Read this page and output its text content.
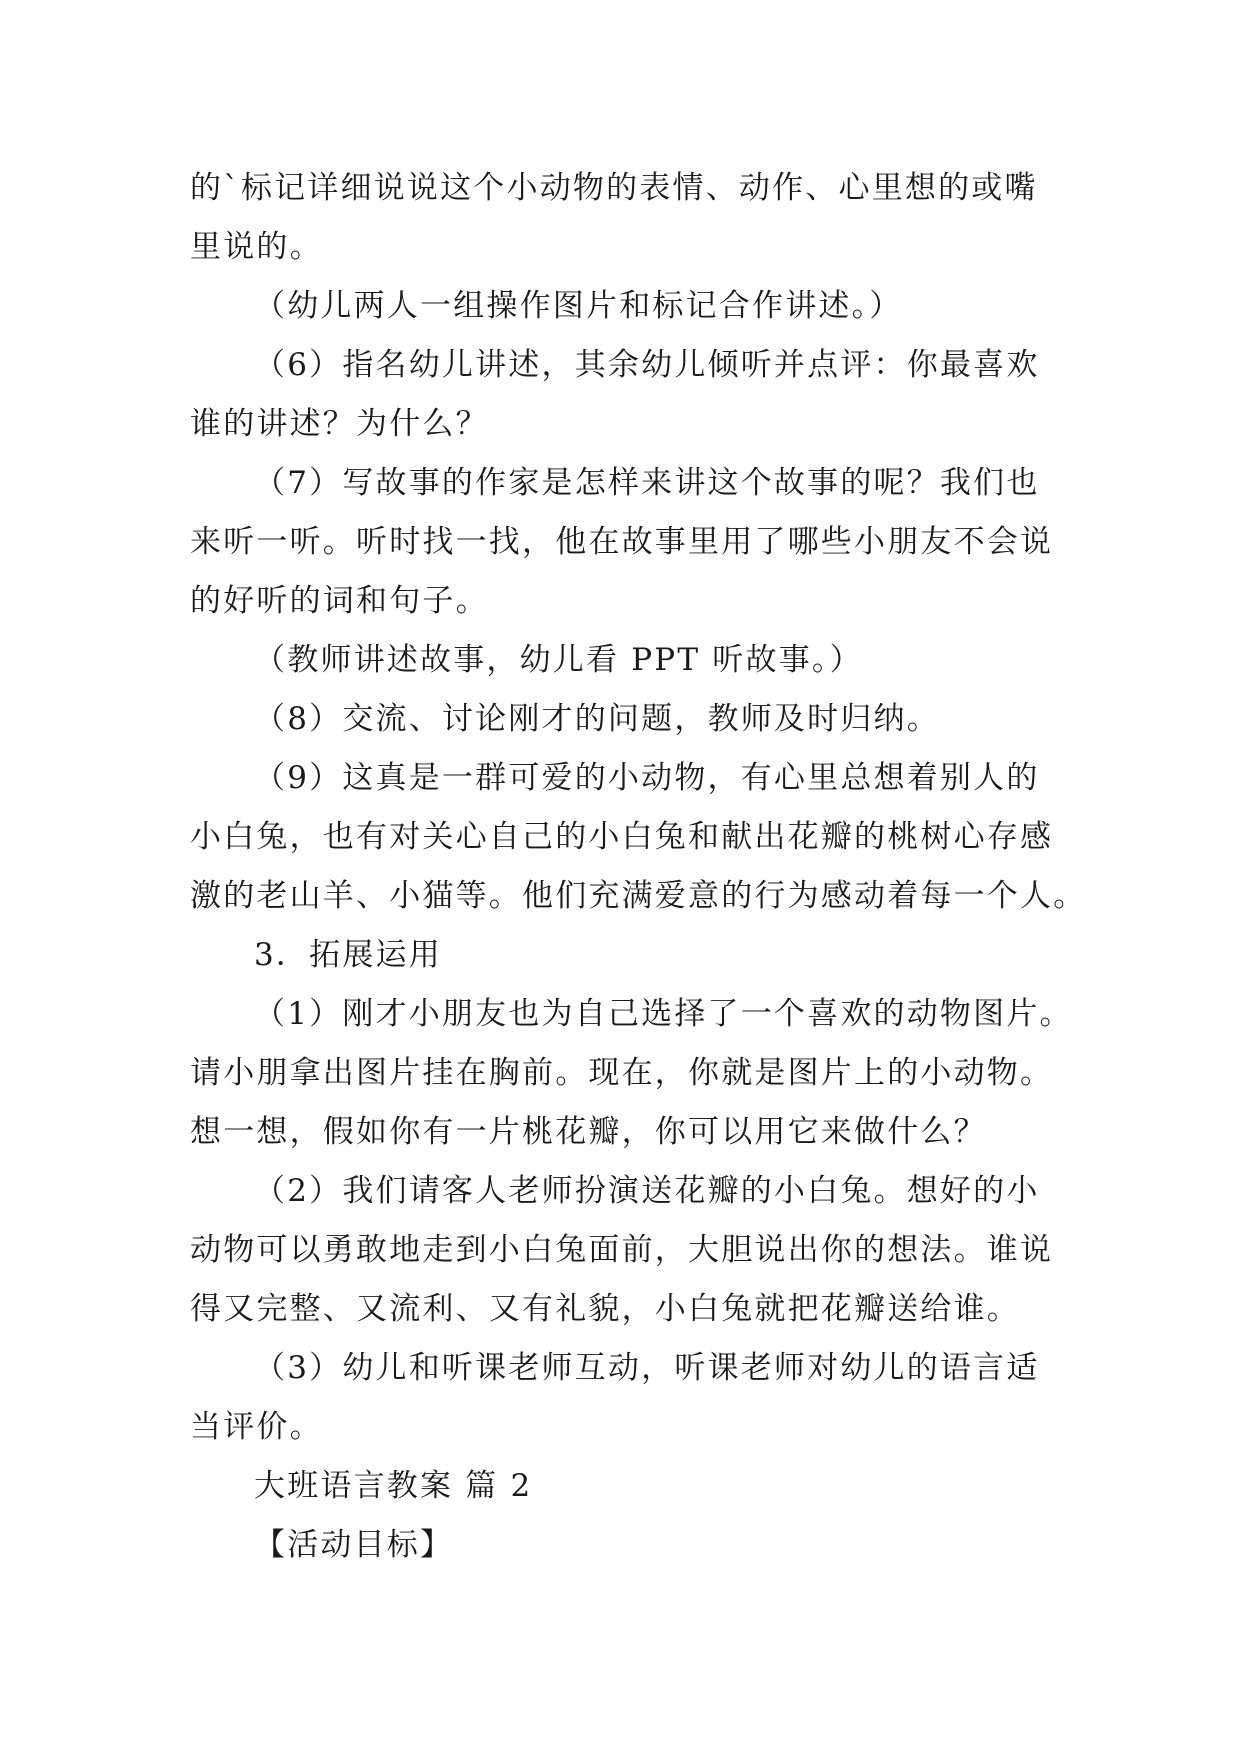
的`标记详细说说这个小动物的表情、动作、心里想的或嘴
里说的。
（幼儿两人一组操作图片和标记合作讲述。）
（6）指名幼儿讲述，其余幼儿倾听并点评：你最喜欢
谁的讲述？为什么？
（7）写故事的作家是怎样来讲这个故事的呢？我们也
来听一听。听时找一找，他在故事里用了哪些小朋友不会说
的好听的词和句子。
（教师讲述故事，幼儿看 PPT 听故事。）
（8）交流、讨论刚才的问题，教师及时归纳。
（9）这真是一群可爱的小动物，有心里总想着别人的
小白兔，也有对关心自己的小白兔和献出花瓣的桃树心存感
激的老山羊、小猫等。他们充满爱意的行为感动着每一个人。
3．拓展运用
（1）刚才小朋友也为自己选择了一个喜欢的动物图片。
请小朋拿出图片挂在胸前。现在，你就是图片上的小动物。
想一想，假如你有一片桃花瓣，你可以用它来做什么？
（2）我们请客人老师扮演送花瓣的小白兔。想好的小
动物可以勇敢地走到小白兔面前，大胆说出你的想法。谁说
得又完整、又流利、又有礼貌，小白兔就把花瓣送给谁。
（3）幼儿和听课老师互动，听课老师对幼儿的语言适
当评价。
大班语言教案 篇 2
【活动目标】
